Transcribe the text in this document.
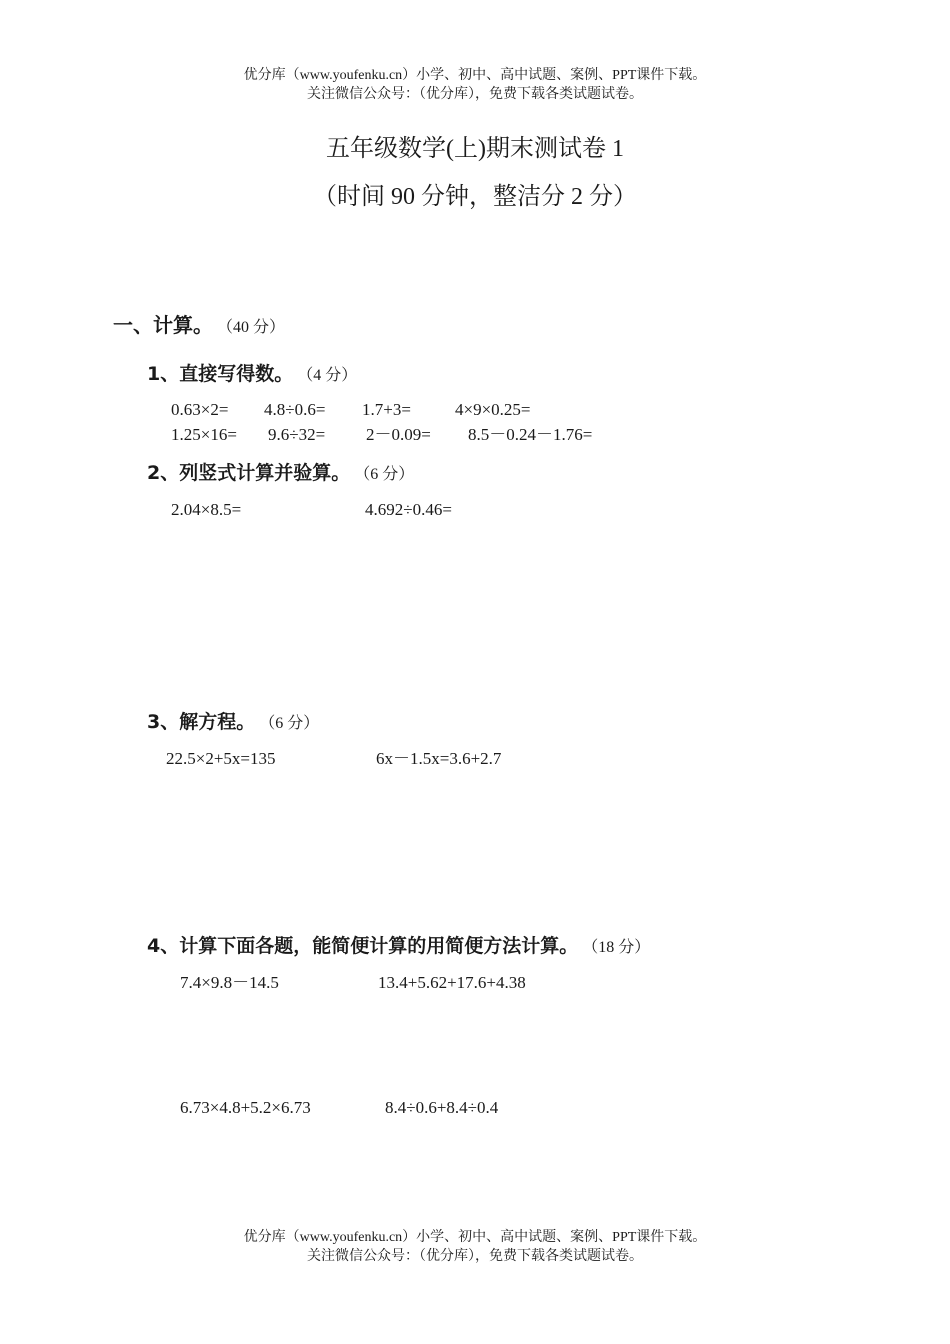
优分库（www.youfenku.cn）小学、初中、高中试题、案例、PPT课件下载。
关注微信公众号：（优分库），免费下载各类试题试卷。
五年级数学(上)期末测试卷 1
（时间 90 分钟，整洁分 2 分）
一、计算。 （40 分）
1、直接写得数。 （4 分）
0.63×2= 4.8÷0.6= 1.7+3=	4×9×0.25=
1.25×16= 9.6÷32= 2－0.09= 8.5－0.24－1.76=
2、列竖式计算并验算。 （6 分）
2.04×8.5=	4.692÷0.46=
3、解方程。 （6 分）
22.5×2+5x=135	6x－1.5x=3.6+2.7
4、计算下面各题，能简便计算的用简便方法计算。 （18 分）
7.4×9.8－14.5	13.4+5.62+17.6+4.38
6.73×4.8+5.2×6.73	8.4÷0.6+8.4÷0.4
优分库（www.youfenku.cn）小学、初中、高中试题、案例、PPT课件下载。
关注微信公众号：（优分库），免费下载各类试题试卷。
